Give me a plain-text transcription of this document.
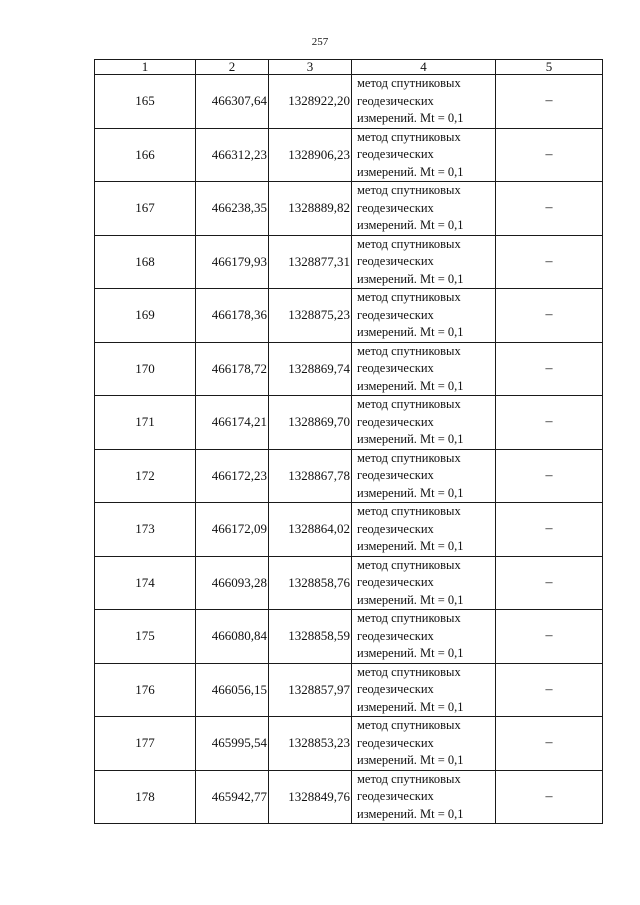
257
1	2	3	4	5
165	466307,64	1328922,20	метод спутниковых
геодезических
измерений. Mt = 0,1	–
166	466312,23	1328906,23	метод спутниковых
геодезических
измерений. Mt = 0,1	–
167	466238,35	1328889,82	метод спутниковых
геодезических
измерений. Mt = 0,1	–
168	466179,93	1328877,31	метод спутниковых
геодезических
измерений. Mt = 0,1	–
169	466178,36	1328875,23	метод спутниковых
геодезических
измерений. Mt = 0,1	–
170	466178,72	1328869,74	метод спутниковых
геодезических
измерений. Mt = 0,1	–
171	466174,21	1328869,70	метод спутниковых
геодезических
измерений. Mt = 0,1	–
172	466172,23	1328867,78	метод спутниковых
геодезических
измерений. Mt = 0,1	–
173	466172,09	1328864,02	метод спутниковых
геодезических
измерений. Mt = 0,1	–
174	466093,28	1328858,76	метод спутниковых
геодезических
измерений. Mt = 0,1	–
175	466080,84	1328858,59	метод спутниковых
геодезических
измерений. Mt = 0,1	–
176	466056,15	1328857,97	метод спутниковых
геодезических
измерений. Mt = 0,1	–
177	465995,54	1328853,23	метод спутниковых
геодезических
измерений. Mt = 0,1	–
178	465942,77	1328849,76	метод спутниковых
геодезических
измерений. Mt = 0,1	–
